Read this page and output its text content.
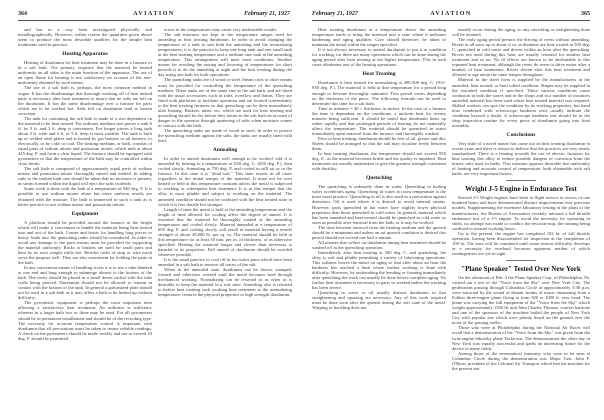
364	AVIATION	February 21, 1927

and has in a way been investigated physically and metallographically. However, within reason the quantities given above seem to produce the most desirable qualities for the simple heat treatments used in practice.

Heating Apparatus

Heating of duralumin for heat treatment may be done in a furnace or in a salt bath. The primary requisite that the material be heated uniformly on all sides is the main function of the apparatus. The use of an open flame for heating is not satisfactory on account of the non-uniformity obtained by such means.

The use of a salt bath is, perhaps, the most common method in vogue. It has the disadvantage that thorough washing off of heat treated parts is necessary after heat treatment to insure that no salts are left on the duralumin. It has the same disadvantage over a furnace for parts which are to be worked hot. Salts left on duralumin tend to hasten corrosion.

The tank for containing the salt bath is made of a size dependent on the material to be heat treated. For ordinary medium size pieces a tank 6 ft. by 3 ft. and 3 ft. deep is convenient. For longer pieces a long tank about 2 ft. wide and 4 ft. or 5 ft. deep is most suitable. The tank is built up of welded steel plates and is heated by gas burners or oil burners, or electrically, or by coke or coal. The heating medium, or bath, consists of equal parts of sodium nitrate and potassium nitrate, which melt at about 425 deg. F. and form a clear liquid. The furnace should be equipped with pyrometers so that the temperature of the bath may be controlled within close limits.

The salt bath is composed of approximately equal parts of sodium nitrate and potassium nitrate thoroughly mixed and melted. In adding salts to the molten bath care should be taken that no moisture is present, as steam formed within the liquid will eject the salts violently.

Some work is done with the bath at a temperature of 940 deg. F. It is possible to use sodium nitrate alone but more uniform results are obtained with the mixture. The bath is immersed in such a tank as is better practice to use sodium nitrate and potassium nitrate.

Equipment

A platform should be provided around the furnace at the height which will make it convenient to handle the material being heat treated into and out of the bath. Cranes and hoists for handling long pieces or heavy loads into the quenching tanks should be considered. In order to avoid any damage to the parts means must be provided for supporting the material uniformly. Racks or baskets are used for small parts and bent by its own weight while hot. Besides racks of strip or wire mesh serve the purpose well. They are also convenient for holding the parts in the bath.

In any convenient means of handling rivets it is to use a tube blanked at one end and long enough to submerge almost to the bottom of the bath. The rivets should be placed in a small desert socket with the tube walls being pierced. Duralumin should not be allowed to remain in contact with the bottom of the tank. In general a galvanized plate should not be used in a salt bath as it may affect a bath to be heated up without difficulty.

The pyrometric equipment is perhaps the most important item affecting a satisfactory heat treatment. An indicator is sufficient, whereas in a larger bath two or three may be used. For all pyrometers should be in permanent installations and should be of the recording type. The necessity for accurate temperature control is important with duralumin that all precautions must be taken to insure reliable readings. A check on the pyrometers should be made weekly and not to exceed 10 deg. F. should be permitted.

errors in the temperatures may cause very undesirable results.

The salt mixtures are kept at the temperature ranges used for annealing or heat treating duralumin. In order to avoid changing the temperature of a tank to suit both the annealing and the normalizing temperatures, it is the practice to keep one long tank and one small tank at the heat treating temperature and a medium size tank at the annealing temperature. This arrangement will meet most conditions. Another means for avoiding the raising and lowering of temperatures for short periods is to do the annealing at night and the heat treating during the day using one bath for both operations.

The quenching tanks are of wood or steel. Steam coils or other means must be provided for controlling the temperature of the quenching medium. These tanks are of the same size as the salt bath, and are fitted with the usual accessories such as inlet, overflow and drains. They are fitted with platforms to facilitate operation and are located conveniently to the heat treating furnaces so that quenching can be done immediately after heating. Baskets, tubes, etc. which are used for heat treating and quenching should be dry before they return to the salt bath on account of danger to the operator through spattering of salts when moisture comes in contact with the bath.

The quenching tanks are made of wood or steel. In order to protect the quenching medium against the salts, the tanks are usually lined with lead.

Annealing

In order to anneal duralumin well enough to be worked cold it is annealed by heating to a temperature of 650 deg. C. (650 deg. F.), then cooled slowly. Annealing at 750 deg. F. and cooled in still air or in the furnace. In this state it is "dead soft." This state results in all cases regardless of the initial temper of the material. It must not be over heated or held at this temperature constant unless the metal is subjected to working or subsequent heat treatment. It is in this temper that the alloy is most pliable and subject to working on the material. The annealed condition should not be confused with the heat treated state in which it is less ductile but stronger.

Length of time the metal is held at the annealing temperature and the length of time allowed for cooling affect the degree of anneal. It is essential that the material be thoroughly soaked at the annealing temperature and cooled slowly. Material annealed at a temperature of 650 deg. F. and cooling slowly will result in material having a tensile strength of about 30,000 lb. per sq. in. The material should be held at this temperature for at least 30 min. per in. of thickness, or as otherwise specified. Heating the material longer and slower than necessary is harmful to its properties. Full anneal of duralumin should be avoided wherever possible.

It is the usual practice to cool off in hot water parts which have been annealed in a salt bath to remove all traces of the salt.

When in the annealed state, duralumin can be drawn, stamped, formed and otherwise worked until the metal becomes hard through mechanical working. Normalizing can be resorted to as often as is desirable to keep the material in a soft state. Annealing also is resorted to before heat treating such working heat treatment at the normalizing temperature, restores the physical properties to high strength duralumin.

February 21, 1927	AVIATION	365

Heat treating duralumin at a temperature above the annealing temperature tends to bring the material into a state where it indicates hardening and aging qualities. Care should therefore, be taken to maintain the metal within the ranges specified.

It is not always necessary to anneal duralumin to put it in condition for working, for there are many operations which can be done during the aging period after heat treating at the higher temperature. This in such cases eliminates one of the heating operations.

Heat Treating

Duralumin is heat treated for normalizing at 490-500 deg. C. (915-930 deg. F.). The material is held at that temperature for a period long enough to become thoroughly saturated. This period varies depending on the thickness of the piece. The following formula can be used to determine this time for a salt bath.

Time in minutes = 40 × thickness in inches. In the case of a furnace the time is dependent on the conditions, a uniform heat for twenty minutes being sufficient. It should be noted that duralumin heats up rather rapidly and that prolonged periods of heating do not materially affect the temperature. The material should be quenched in water immediately upon removal from the furnace, and thoroughly washed.

Prior to heat treating, duralumin should be free of oil, grease and dirt. Sheets should be arranged so that the salt may circulate freely between them.

In heat treating duralumin, the temperature should not exceed 950 deg. F., as the material becomes brittle and the quality is impaired. Heat treatments are usually undertaken to give the greatest strength consistent with ductility.

Quenching

The quenching is ordinarily done in water. Quenching in boiling water accelerates aging. Quenching in water at room temperature is the most usual practice. Quenching in oil is also used as a precaution against distortion. Oil is used where it is desired to avoid internal strains. However, parts quenched in hot water have slightly lower physical properties than those quenched in cold water. In general, material which has been annealed and heat treated should be quenched in cold water as soon as possible after removal from the bath, or it may be worked.

The time between removal from the heating medium and the quench should be a minimum and unless an art quench condition is desired this period should not exceed one half a minute.

All nitrates that collect on duralumin during heat treatment should be washed off in the quenching operation.

Immediately after heat treating at 500 deg. C. and quenching, the alloy is soft and pliable permitting a variety of fabricating operations. This softness leaves the metal on aging so that after about an hour the hardness has reached a limit where further working is done with difficulty. However, by undertaking the bending or forming immediately after quenching the work can usually be done before complete aging. No further heat treatment is necessary to parts so worked unless the working has been severe.

Quenching in water or oil usually distorts duralumin so that straightening and squaring are necessary. Any of this work required must be done soon after the quench during the soft state of the metal. Warping or buckling does not

usually occur during the aging, so any stretching or straightening done will be retained.

The early aging period permits the driving of rivets without annealing. Rivets in all sizes up to about ¼ in. in diameter are heat treated at 500 deg. C. quenched in cold water and driven within an hour after the quenching. Rivets not used during this hour are usually returned for another heat treatment and so on. No ill effects are known to be attributable to this repeated heat treatment, although the rivets do seem to drive easier after a number of heat treatments. Rivets driven after this heat treatment and allowed to age attain the same temper throughout.

Material in the sheet form is supplied by the manufacturers in the annealed, heat treated, or hard rolled condition. Shapes may be supplied in the extruded condition if specified. These various conditions cause confusion in both the stores and in the shops and in a number of instances annealed material has been used where heat treated material was required. Skilled workers can spot the condition by its working properties, but hand tests combined with scleroscope hardness tests usually indicate the condition beyond a doubt. A scleroscope hardness test should be in the shop inspection routine for every piece of duralumin going into final assembly.

Conclusions

Very little of a novel nature has come out on heat treating duralumin in recent years and there is reason to believe that the practices are very nearly standardized. There is a leaning towards the use of electric furnaces for heat treating this alloy to reduce possible dangers of corrosion from the nitrate salts used in baths. This measure appears desirable but uniformity of heating and accurate control of temperature, both obtainable with salt baths, are very important factors.

Wright J-5 Engine in Endurance Test

Several J-5 Wright engines have been in flight service in excess of one hundred hours and have demonstrated distinct improvement over previous models. Supplementing the extensive laboratory testing at the plant of the manufacturers, the Bureau of Aeronautics recently initiated a full throttle endurance test of a J-5 engine. To avoid the necessity for operating in shifts, no attempt was made to conduct the test non-stop, the running being confined to normal working hours.

Up to the present, the engine has completed 103 hr. of full throttle operation, having been disassembled for inspection at the completion of 100 hr. The tests will be continued until some serious difficulty develops or a necessity for overhaul becomes apparent, neither of which contingencies are yet in sight.

"Plane Speaker" Tested Over New York

On the afternoon of Feb. 4 the Plane Speaker Corp. of Philadelphia, Pa. carried out a test of the "Voice from the Sky" over New York City. The pedestrians passing through Columbus Circle at approximately 3:30 p.m. were attracted by the sound of distant strains of music emanating from a Fokker three-engine plane flying at from 500 to 1000 ft. over head. The plane was carrying the full equipment of the "Voice from the Sky" which weighs approximately 1500 lb. and John Charles Thomas, concert baritone and one of the sponsors of the machine hailed the people of New York City with popular airs which were plainly heard on the ground over the noise of the passing traffic.

Those who were at Philadelphia during the National Air Races will recall that a demonstration of the "Voice from the Sky" was given from the twin-engine Sikorsky plane Yorktown. The demonstration the other day in New York was equally successful and spells an interesting future for the device in many fields.

Among those of the aeronautical fraternity who were to be seen at Columbus Circle during the demonstration was Major Gen. John F. O'Ryan, president of the Colonial Air Transport which lent the machine for the present test.
